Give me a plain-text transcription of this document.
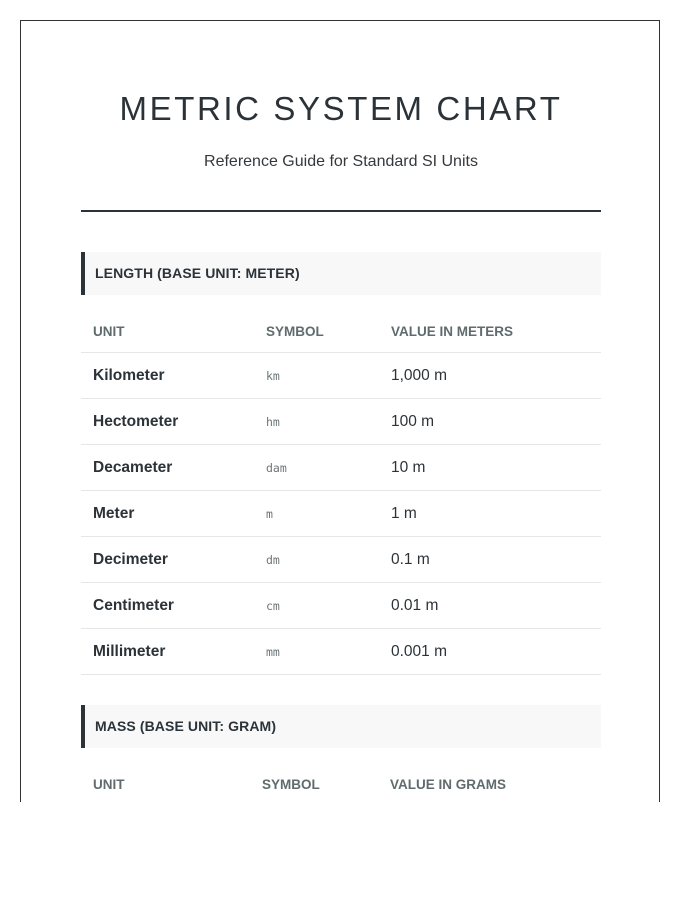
METRIC SYSTEM CHART
Reference Guide for Standard SI Units
LENGTH (BASE UNIT: METER)
UNIT	SYMBOL	VALUE IN METERS
Kilometer	km	1,000 m
Hectometer	hm	100 m
Decameter	dam	10 m
Meter	m	1 m
Decimeter	dm	0.1 m
Centimeter	cm	0.01 m
Millimeter	mm	0.001 m
MASS (BASE UNIT: GRAM)
UNIT	SYMBOL	VALUE IN GRAMS
